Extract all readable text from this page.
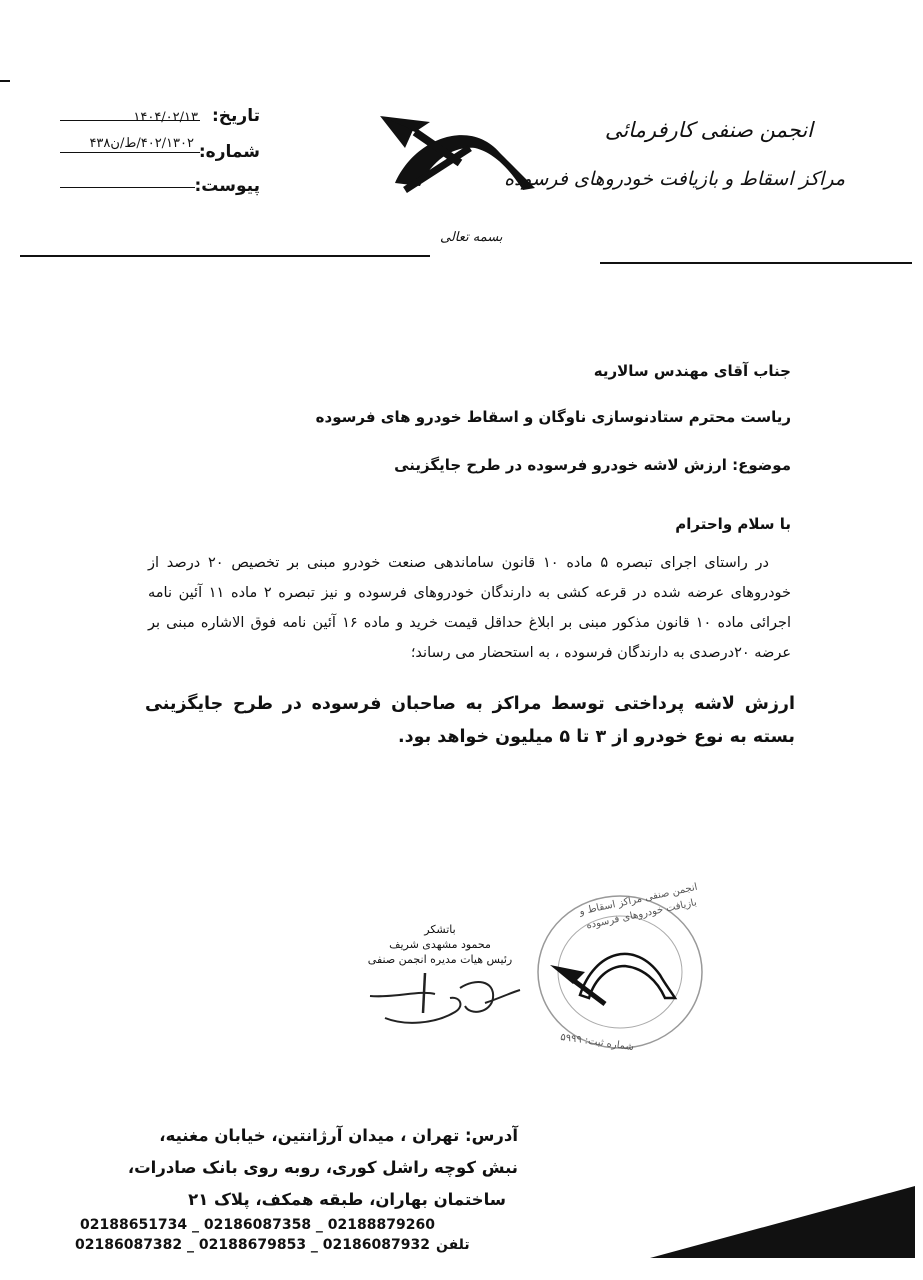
تاریخ:
۱۴۰۴/۰۲/۱۳
شماره:
۴۰۲/۱۳۰۲/ط/ن۴۳۸
پیوست:
بسمه تعالی
انجمن صنفی کارفرمائی
مراکز اسقاط و بازیافت خودروهای فرسوده
جناب آقای مهندس سالاریه
ریاست محترم ستادنوسازی ناوگان و اسقاط خودرو های فرسوده
موضوع: ارزش لاشه خودرو فرسوده در طرح جایگزینی
با سلام واحترام
در راستای اجرای تبصره ۵ ماده ۱۰ قانون ساماندهی صنعت خودرو مبنی بر تخصیص ۲۰ درصد از خودروهای عرضه شده در قرعه کشی به دارندگان خودروهای فرسوده و نیز تبصره ۲ ماده ۱۱ آئین نامه اجرائی ماده ۱۰ قانون مذکور مبنی بر ابلاغ حداقل قیمت خرید و ماده ۱۶ آئین نامه فوق الاشاره مبنی بر عرضه ۲۰درصدی به دارندگان فرسوده ، به استحضار می رساند؛
ارزش لاشه پرداختی توسط مراکز به صاحبان فرسوده در طرح جایگزینی بسته به نوع خودرو از ۳ تا ۵ میلیون خواهد بود.
باتشکر
محمود مشهدی شریف
رئیس هیات مدیره انجمن صنفی
انجمن صنفی مراکز اسقاط و بازیافت خودروهای فرسوده
شماره ثبت: ۵۹۹۹
آدرس: تهران ، میدان آرژانتین، خیابان مغنیه،
نبش کوچه راشل کوری، روبه روی بانک صادرات،
ساختمان بهاران، طبقه همکف، پلاک ۲۱
02188651734 _ 02186087358 _ 02188879260
02186087382 _ 02188679853 _ 02186087932 تلفن
